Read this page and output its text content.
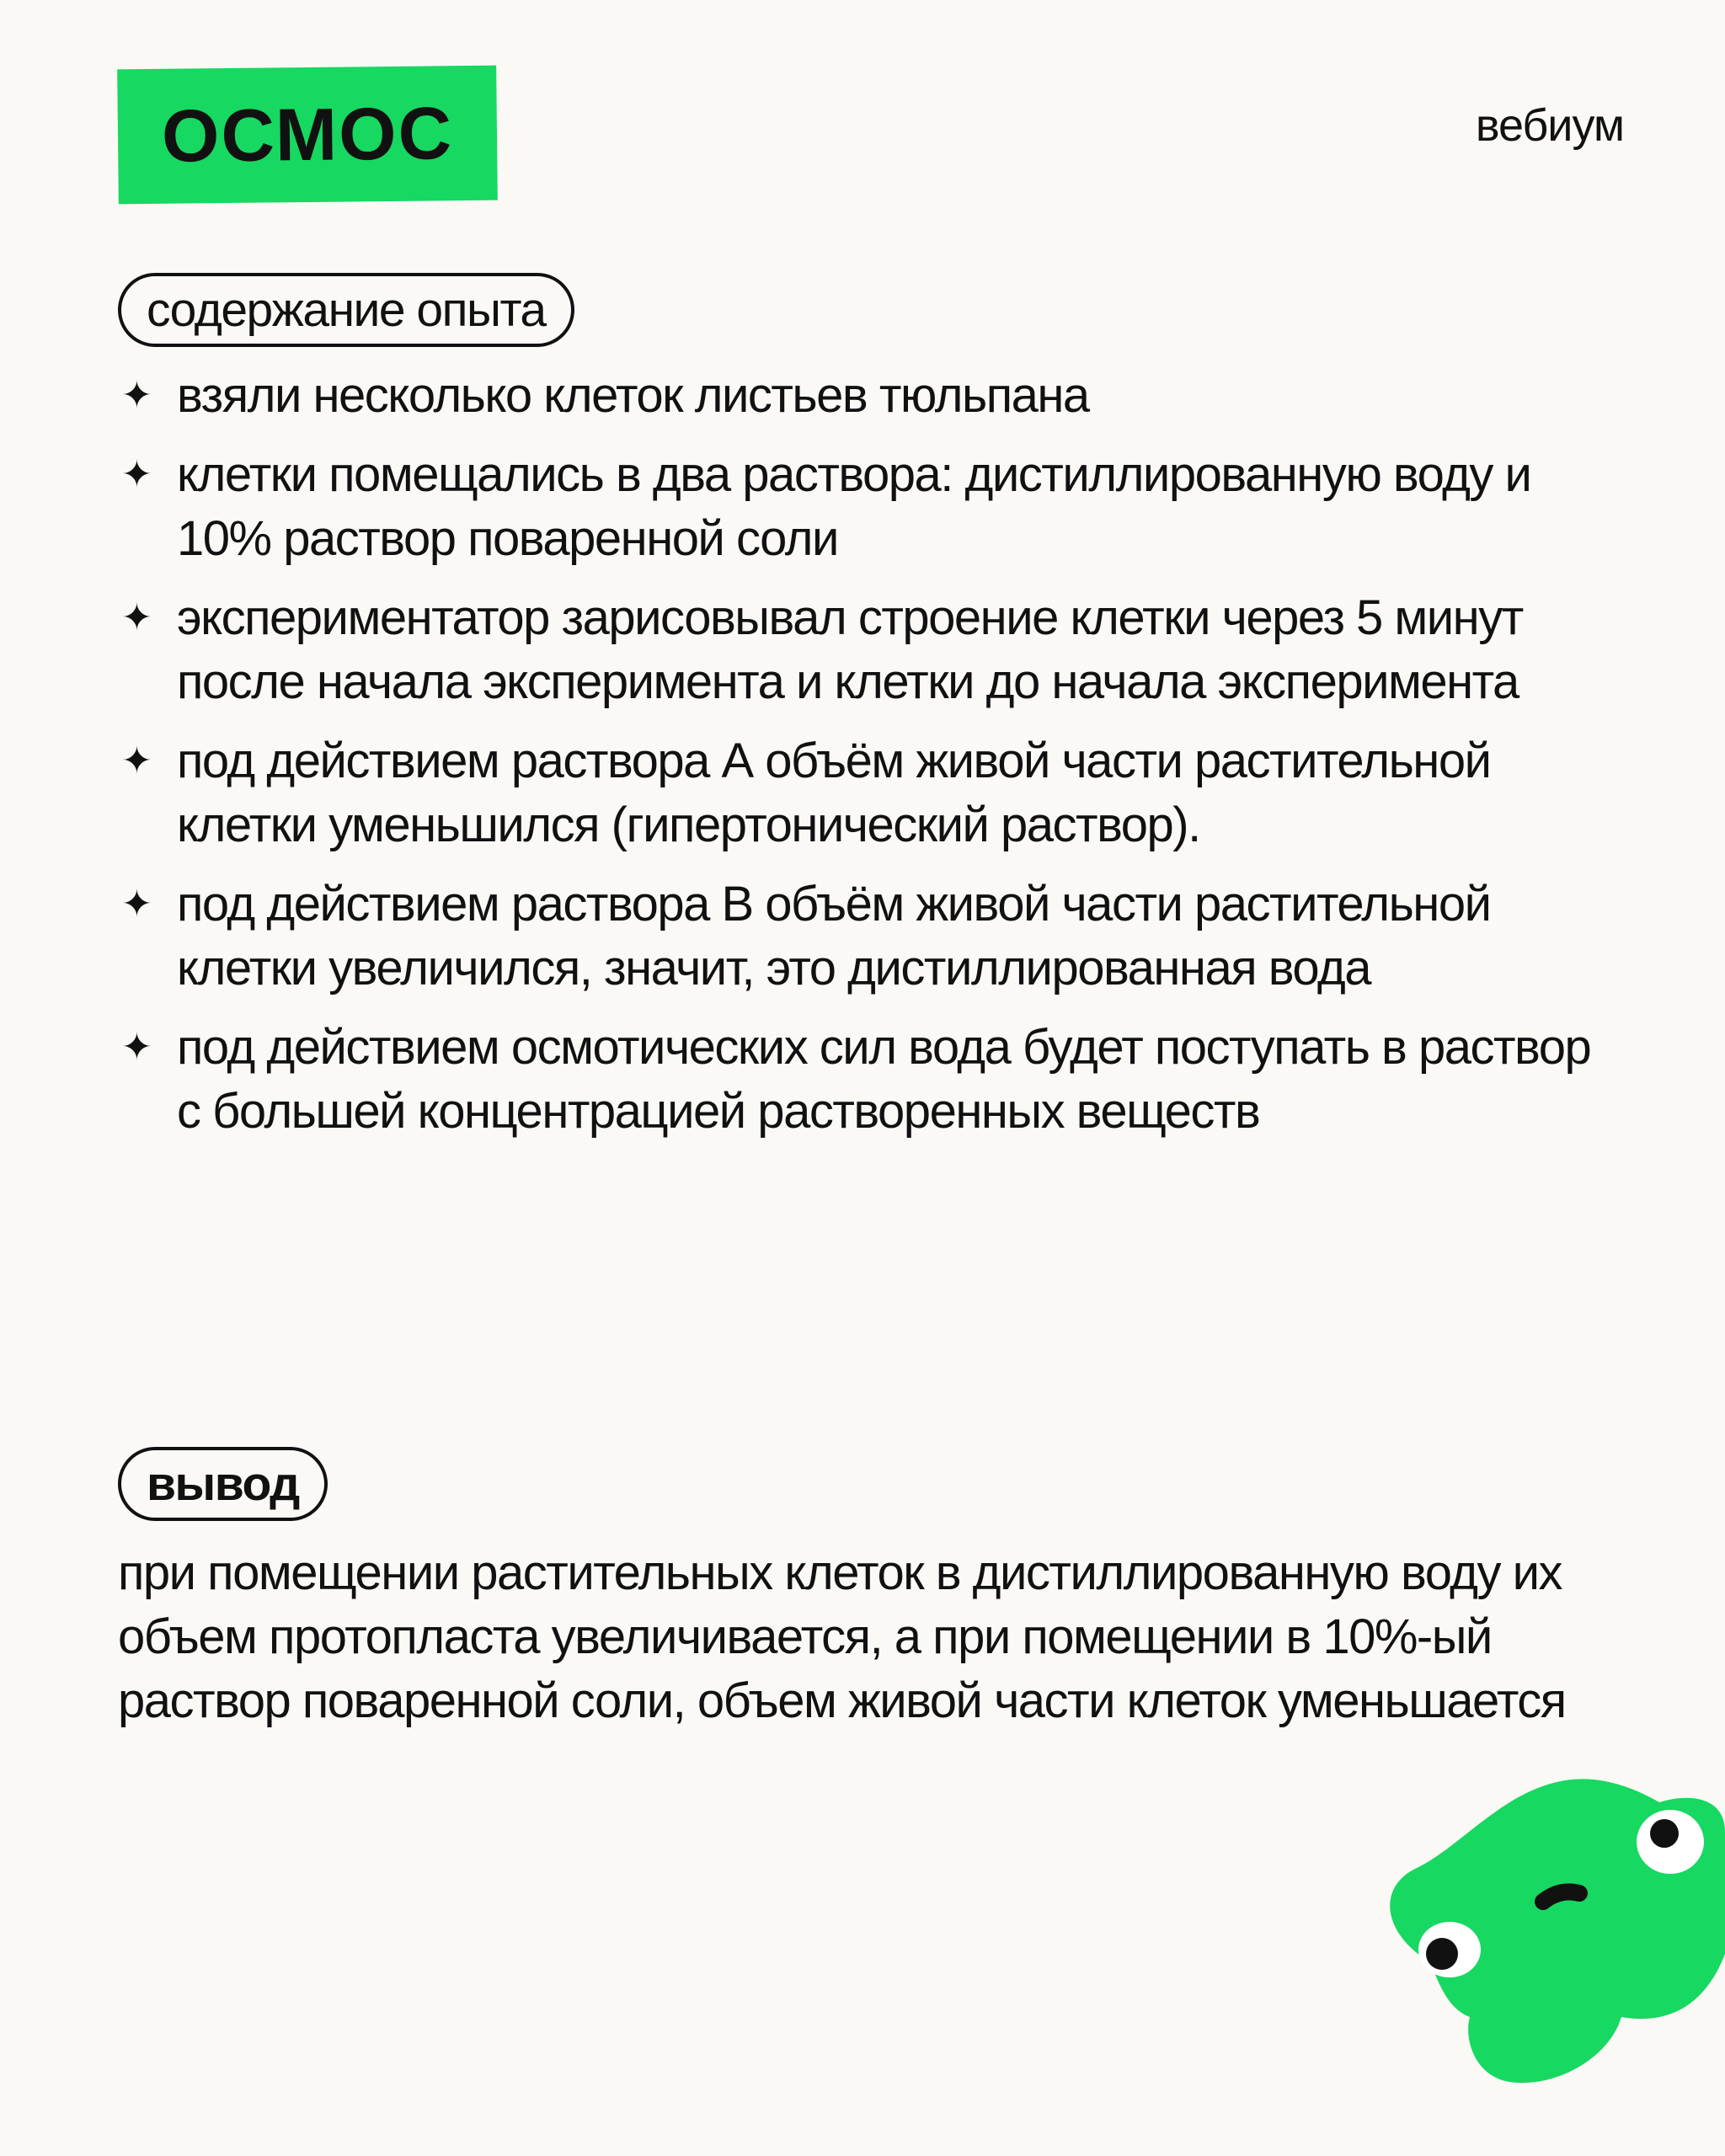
ОСМОС	вебиум
содержание опыта
✦ взяли несколько клеток листьев тюльпана
✦ клетки помещались в два раствора: дистиллированную воду и 10% раствор поваренной соли
✦ экспериментатор зарисовывал строение клетки через 5 минут после начала эксперимента и клетки до начала эксперимента
✦ под действием раствора А объём живой части растительной клетки уменьшился (гипертонический раствор).
✦ под действием раствора В объём живой части растительной клетки увеличился, значит, это дистиллированная вода
✦ под действием осмотических сил вода будет поступать в раствор с большей концентрацией растворенных веществ
вывод

при помещении растительных клеток в дистиллированную воду их объем протопласта увеличивается, а при помещении в 10%-ый раствор поваренной соли, объем живой части клеток уменьшается
